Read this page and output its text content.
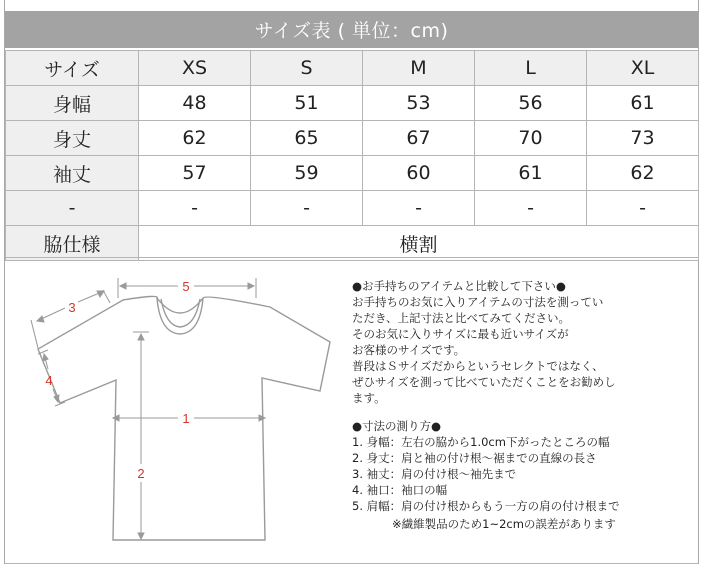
サイズ表 ( 単位：cm)
サイズ	XS	S	M	L	XL
身幅	48	51	53	56	61
身丈	62	65	67	70	73
袖丈	57	59	60	61	62
-	-	-	-	-	-
脇仕様	横割				
5
1
2
3
4

●お手持ちのアイテムと比較して下さい●

お手持ちのお気に入りアイテムの寸法を測ってい

ただき、上記寸法と比べてみてください。

そのお気に入りサイズに最も近いサイズが

お客様のサイズです。

普段はＳサイズだからというセレクトではなく、

ぜひサイズを測って比べていただくことをお勧めし

ます。

●寸法の測り方●

1. 身幅：左右の脇から1.0cm下がったところの幅

2. 身丈：肩と袖の付け根～裾までの直線の長さ

3. 袖丈：肩の付け根～袖先まで

4. 袖口：袖口の幅

5. 肩幅：肩の付け根からもう一方の肩の付け根まで

※繊維製品のため1~2cmの誤差があります
